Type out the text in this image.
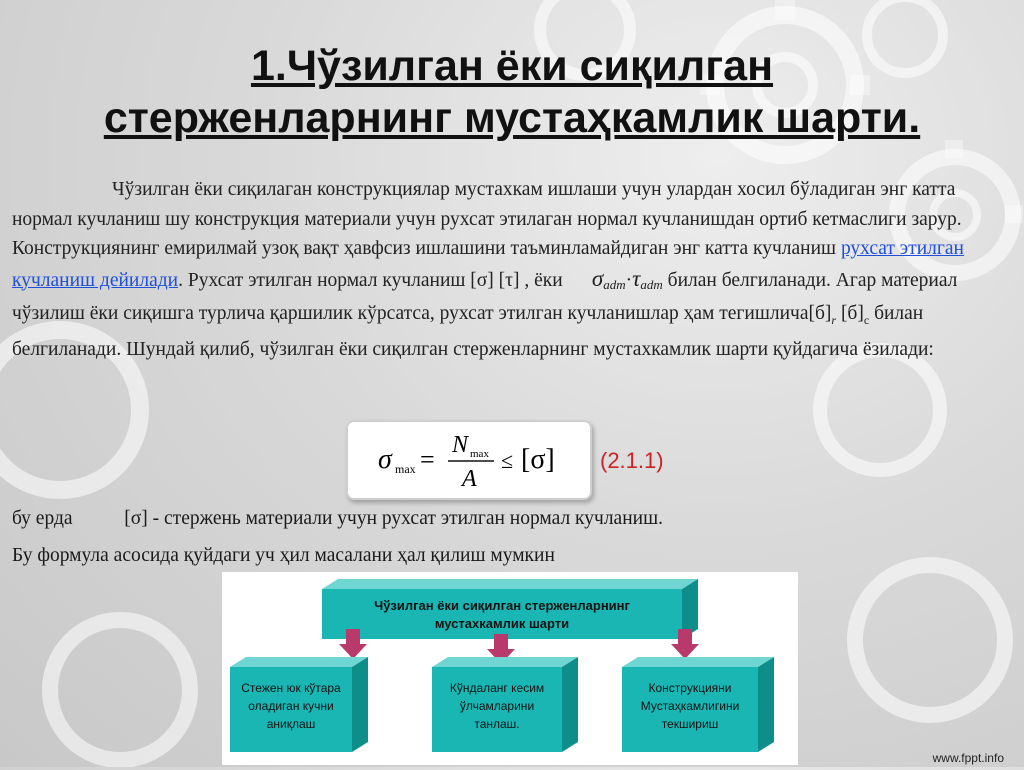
1.Чўзилган ёки сиқилган
стерженларнинг мустаҳкамлик шарти.
Чўзилган ёки сиқилаган конструкциялар мустахкам ишлаши учун улардан хосил бўладиган энг катта нормал кучланиш шу конструкция материали учун рухсат этилаган нормал кучланишдан ортиб кетмаслиги зарур. Конструкциянинг емирилмай узоқ вақт ҳавфсиз ишлашини таъминламайдиган энг катта кучланиш рухсат этилган кучланиш дейилади. Рухсат этилган нормал кучланиш [σ] [τ] , ёки      $\sigma_{adm}\cdot\tau_{adm}$ билан белгиланади. Агар материал чўзилиш ёки сиқишга турлича қаршилик кўрсатса, рухсат этилган кучланишлар ҳам $тегишлича[б]_r$ $[б]_c$ билан белгиланади. Шундай қилиб, чўзилган ёки сиқилган стерженларнинг мустахкамлик шарти қуйдагича ёзилади:
σ max = N max
A
≤ [σ] (2.1.1)
бу ерда	[σ] - стержень материали учун рухсат этилган нормал кучланиш.
Бу формула асосида қуйдаги уч ҳил масалани ҳал қилиш мумкин
Чўзилган ёки сиқилган стерженларнинг
мустахкамлик шарти
Стежен юк кўтара
оладиган кучни
аниқлаш
Кўндаланг кесим
ўлчамларини
танлаш.
Конструкцияни
Мустаҳкамлигини
текшириш
www.fppt.info
